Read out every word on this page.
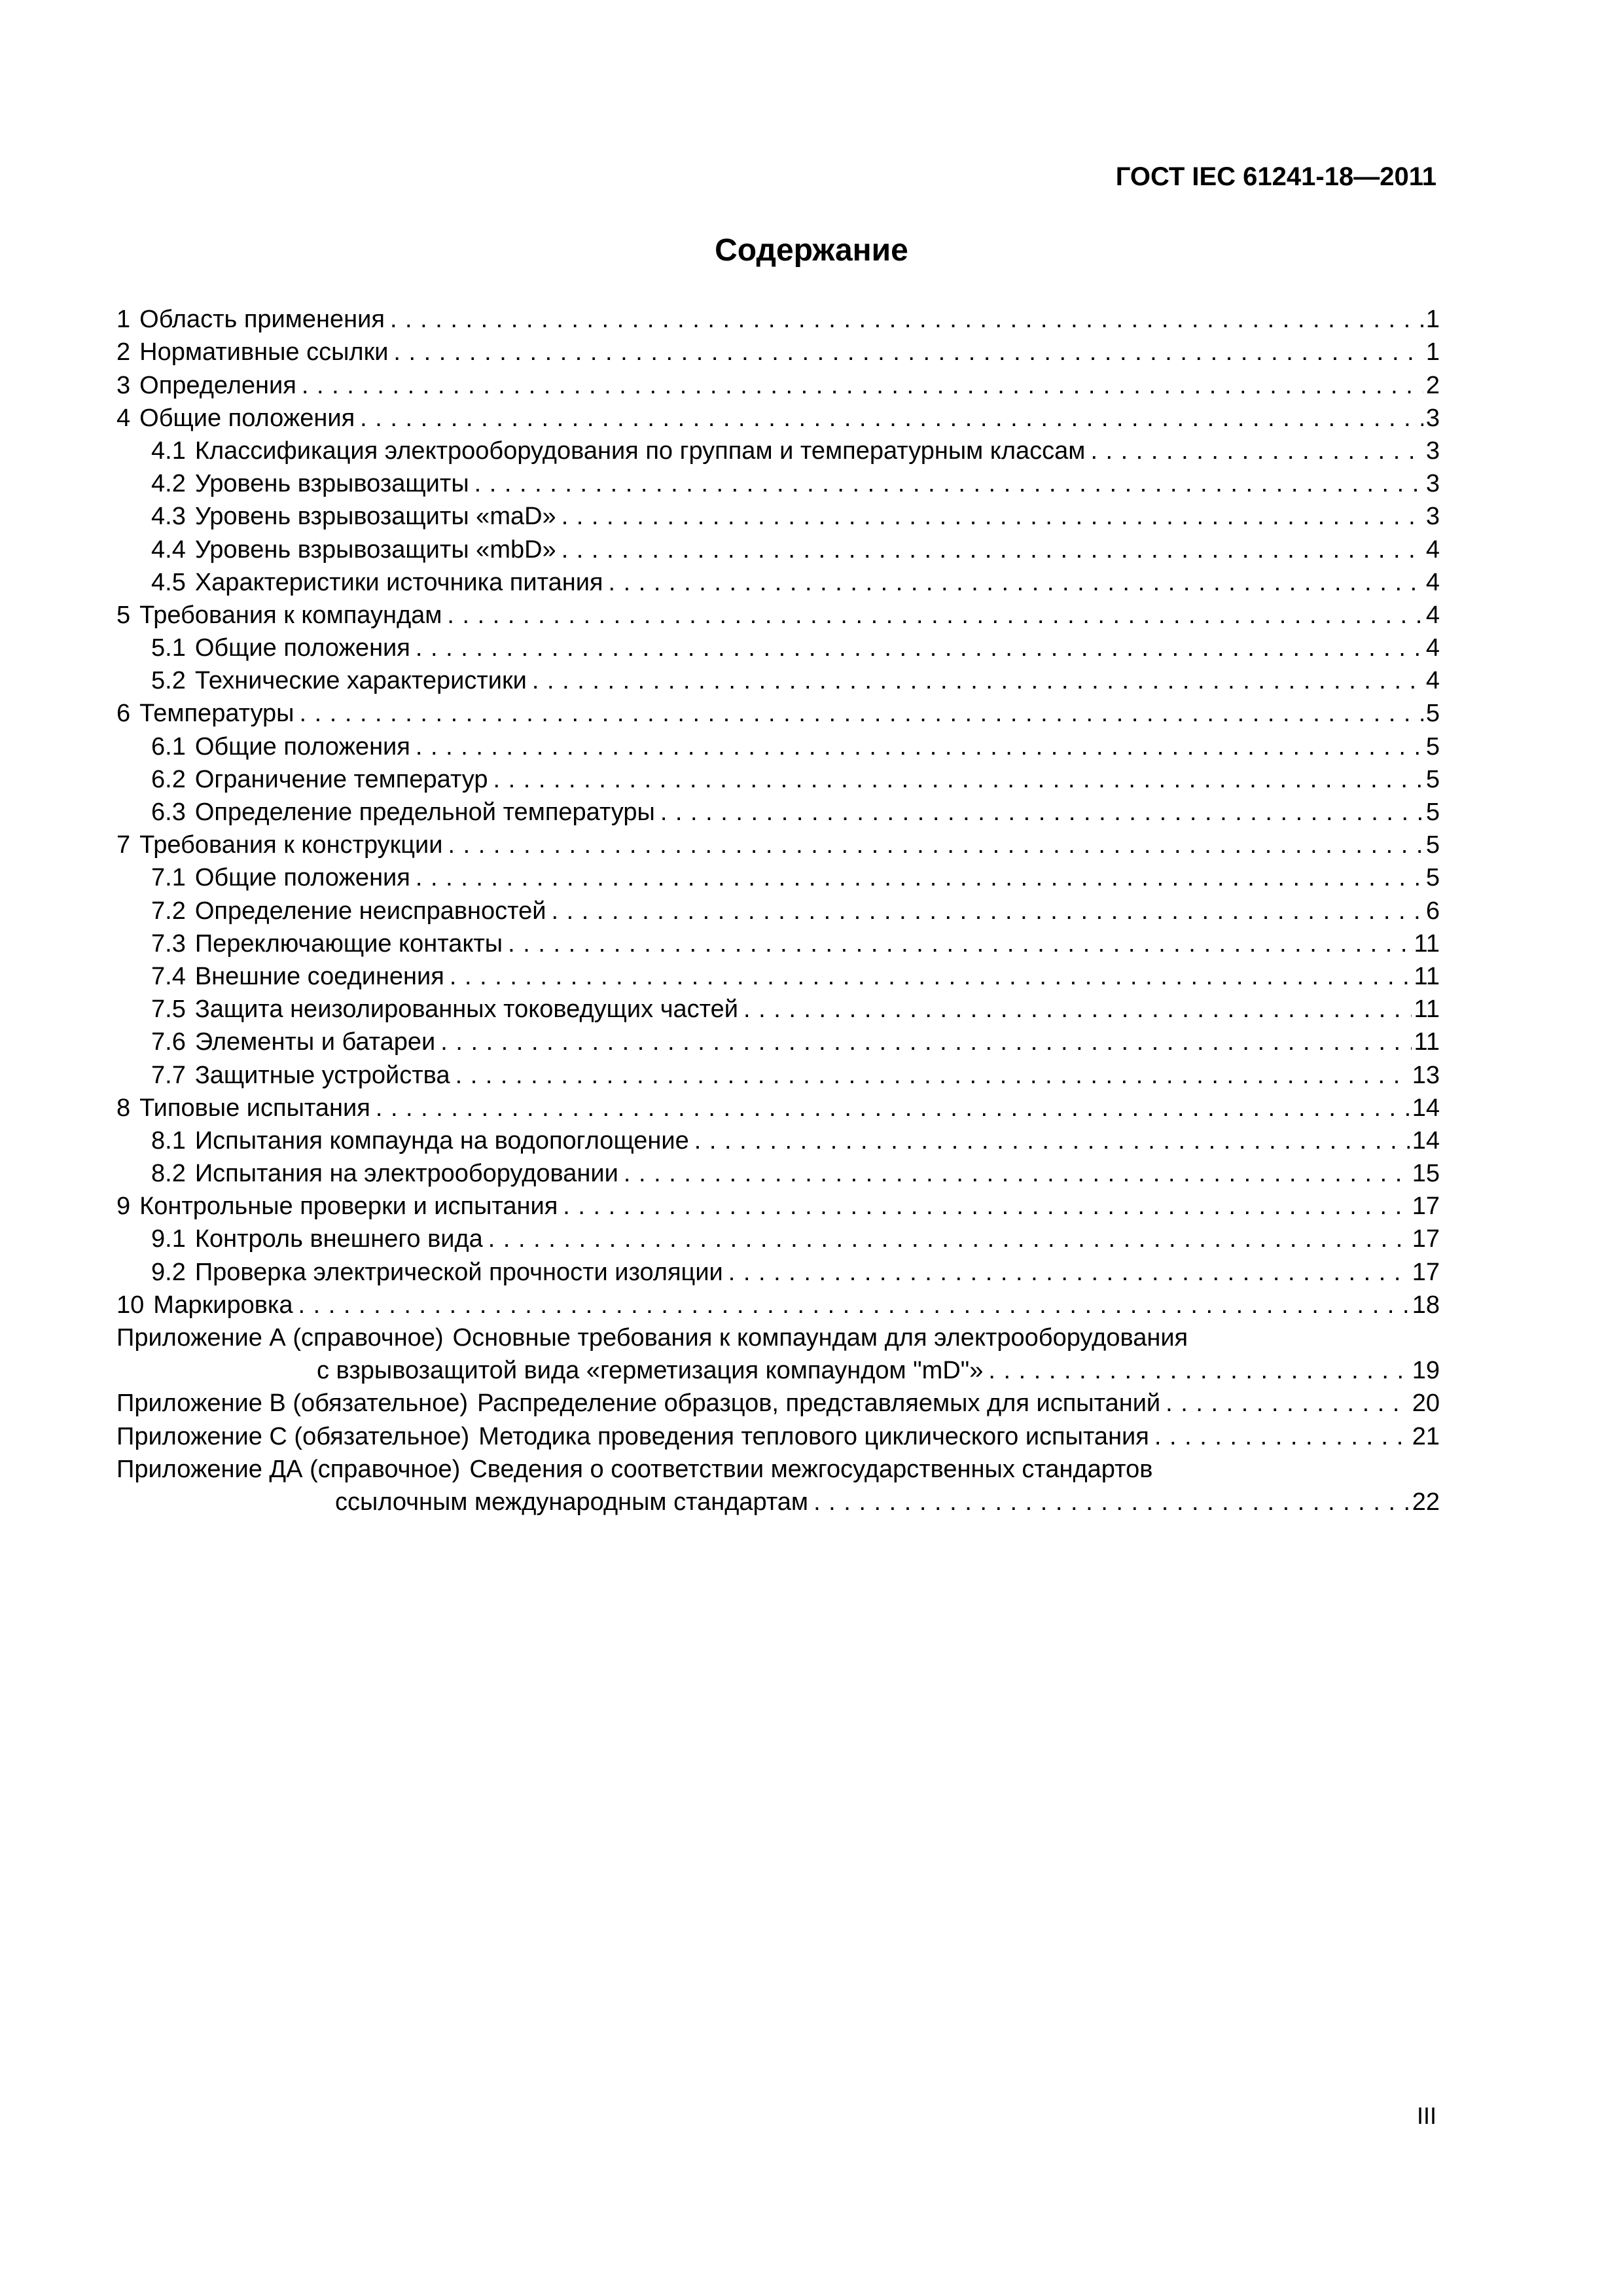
ГОСТ IEC 61241-18—2011
Содержание
1 Область применения . . .	1
2 Нормативные ссылки . . .	1
3 Определения . . .	2
4 Общие положения . . .	3
4.1 Классификация электрооборудования по группам и температурным классам . . .	3
4.2 Уровень взрывозащиты . . .	3
4.3 Уровень взрывозащиты «maD» . . .	3
4.4 Уровень взрывозащиты «mbD» . . .	4
4.5 Характеристики источника питания . . .	4
5 Требования к компаундам . . .	4
5.1 Общие положения . . .	4
5.2 Технические характеристики . . .	4
6 Температуры . . .	5
6.1 Общие положения . . .	5
6.2 Ограничение температур . . .	5
6.3 Определение предельной температуры . . .	5
7 Требования к конструкции . . .	5
7.1 Общие положения . . .	5
7.2 Определение неисправностей . . .	6
7.3 Переключающие контакты . . .	11
7.4 Внешние соединения . . .	11
7.5 Защита неизолированных токоведущих частей . . .	11
7.6 Элементы и батареи . . .	11
7.7 Защитные устройства . . .	13
8 Типовые испытания . . .	14
8.1 Испытания компаунда на водопоглощение . . .	14
8.2 Испытания на электрооборудовании . . .	15
9 Контрольные проверки и испытания . . .	17
9.1 Контроль внешнего вида . . .	17
9.2 Проверка электрической прочности изоляции . . .	17
10 Маркировка . . .	18
Приложение А (справочное) Основные требования к компаундам для электрооборудования
с взрывозащитой вида «герметизация компаундом "mD"» . . .	19
Приложение В (обязательное) Распределение образцов, представляемых для испытаний . . .	20
Приложение С (обязательное) Методика проведения теплового циклического испытания . . .	21
Приложение ДА (справочное) Сведения о соответствии межгосударственных стандартов
ссылочным международным стандартам . . .	22
III
